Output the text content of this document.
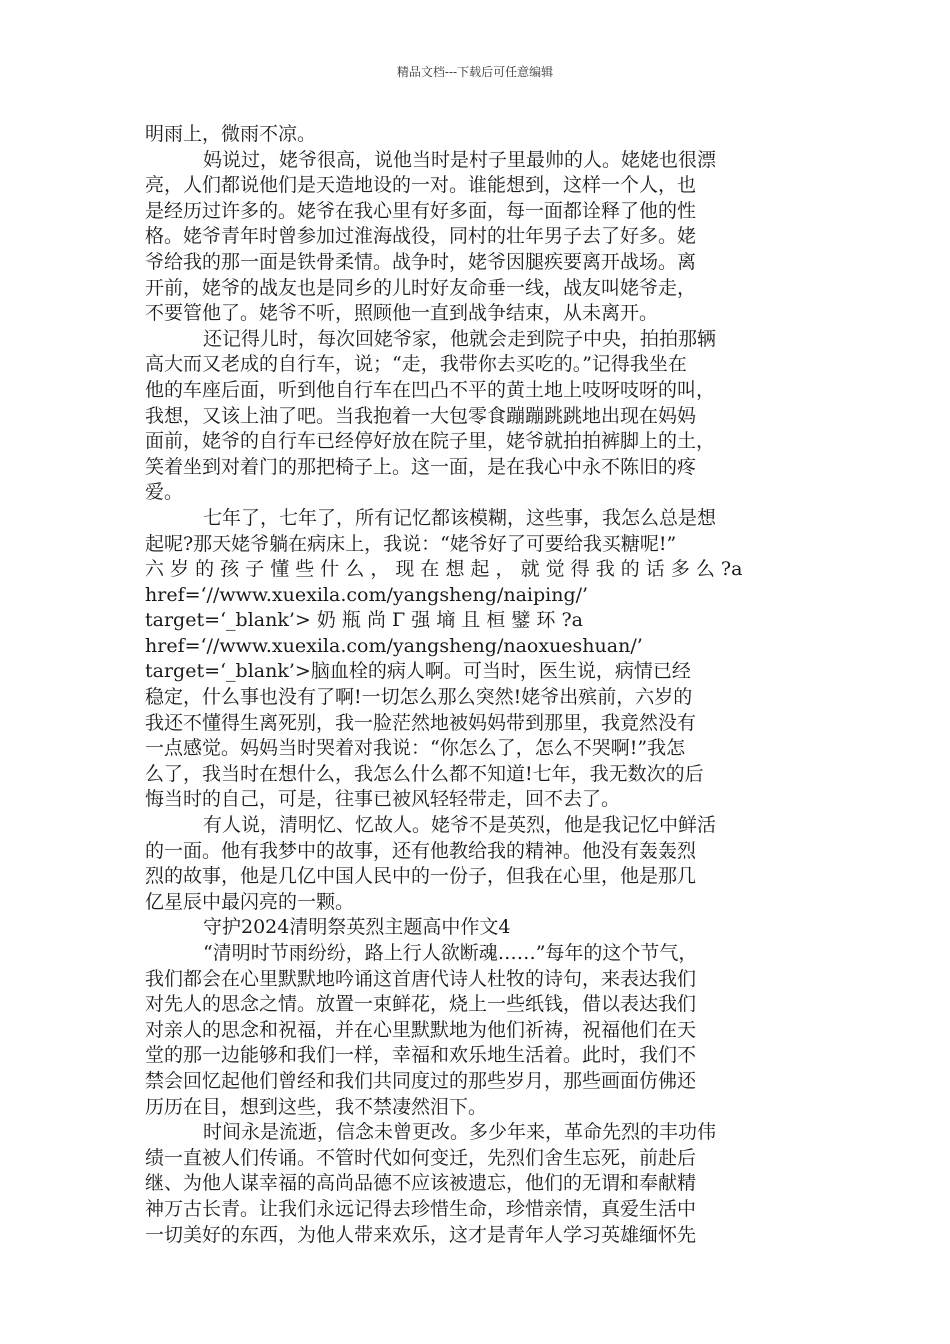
精品文档---下载后可任意编辑
明雨上，微雨不凉。
妈说过，姥爷很高，说他当时是村子里最帅的人。姥姥也很漂
亮，人们都说他们是天造地设的一对。谁能想到，这样一个人，也
是经历过许多的。姥爷在我心里有好多面，每一面都诠释了他的性
格。姥爷青年时曾参加过淮海战役，同村的壮年男子去了好多。姥
爷给我的那一面是铁骨柔情。战争时，姥爷因腿疾要离开战场。离
开前，姥爷的战友也是同乡的儿时好友命垂一线，战友叫姥爷走，
不要管他了。姥爷不听，照顾他一直到战争结束，从未离开。
还记得儿时，每次回姥爷家，他就会走到院子中央，拍拍那辆
高大而又老成的自行车，说；“走，我带你去买吃的。”记得我坐在
他的车座后面，听到他自行车在凹凸不平的黄土地上吱呀吱呀的叫，
我想，又该上油了吧。当我抱着一大包零食蹦蹦跳跳地出现在妈妈
面前，姥爷的自行车已经停好放在院子里，姥爷就拍拍裤脚上的土，
笑着坐到对着门的那把椅子上。这一面，是在我心中永不陈旧的疼
爱。
七年了，七年了，所有记忆都该模糊，这些事，我怎么总是想
起呢?那天姥爷躺在病床上，我说：“姥爷好了可要给我买糖呢!”
六 岁 的 孩 子 懂 些 什 么 ， 现 在 想 起 ， 就 觉 得 我 的 话 多 么 ?a
href=‘//www.xuexila.com/yangsheng/naiping/’
target=‘_blank’> 奶 瓶 尚 Γ 强 墒 且 桓 鐾 环 ?a
href=‘//www.xuexila.com/yangsheng/naoxueshuan/’
target=‘_blank’>脑血栓的病人啊。可当时，医生说，病情已经
稳定，什么事也没有了啊!一切怎么那么突然!姥爷出殡前，六岁的
我还不懂得生离死别，我一脸茫然地被妈妈带到那里，我竟然没有
一点感觉。妈妈当时哭着对我说：“你怎么了，怎么不哭啊!”我怎
么了，我当时在想什么，我怎么什么都不知道!七年，我无数次的后
悔当时的自己，可是，往事已被风轻轻带走，回不去了。
有人说，清明忆、忆故人。姥爷不是英烈，他是我记忆中鲜活
的一面。他有我梦中的故事，还有他教给我的精神。他没有轰轰烈
烈的故事，他是几亿中国人民中的一份子，但我在心里，他是那几
亿星辰中最闪亮的一颗。
守护2024清明祭英烈主题高中作文4
“清明时节雨纷纷，路上行人欲断魂……”每年的这个节气，
我们都会在心里默默地吟诵这首唐代诗人杜牧的诗句，来表达我们
对先人的思念之情。放置一束鲜花，烧上一些纸钱，借以表达我们
对亲人的思念和祝福，并在心里默默地为他们祈祷，祝福他们在天
堂的那一边能够和我们一样，幸福和欢乐地生活着。此时，我们不
禁会回忆起他们曾经和我们共同度过的那些岁月，那些画面仿佛还
历历在目，想到这些，我不禁凄然泪下。
时间永是流逝，信念未曾更改。多少年来，革命先烈的丰功伟
绩一直被人们传诵。不管时代如何变迁，先烈们舍生忘死，前赴后
继、为他人谋幸福的高尚品德不应该被遗忘，他们的无谓和奉献精
神万古长青。让我们永远记得去珍惜生命，珍惜亲情，真爱生活中
一切美好的东西，为他人带来欢乐，这才是青年人学习英雄缅怀先
